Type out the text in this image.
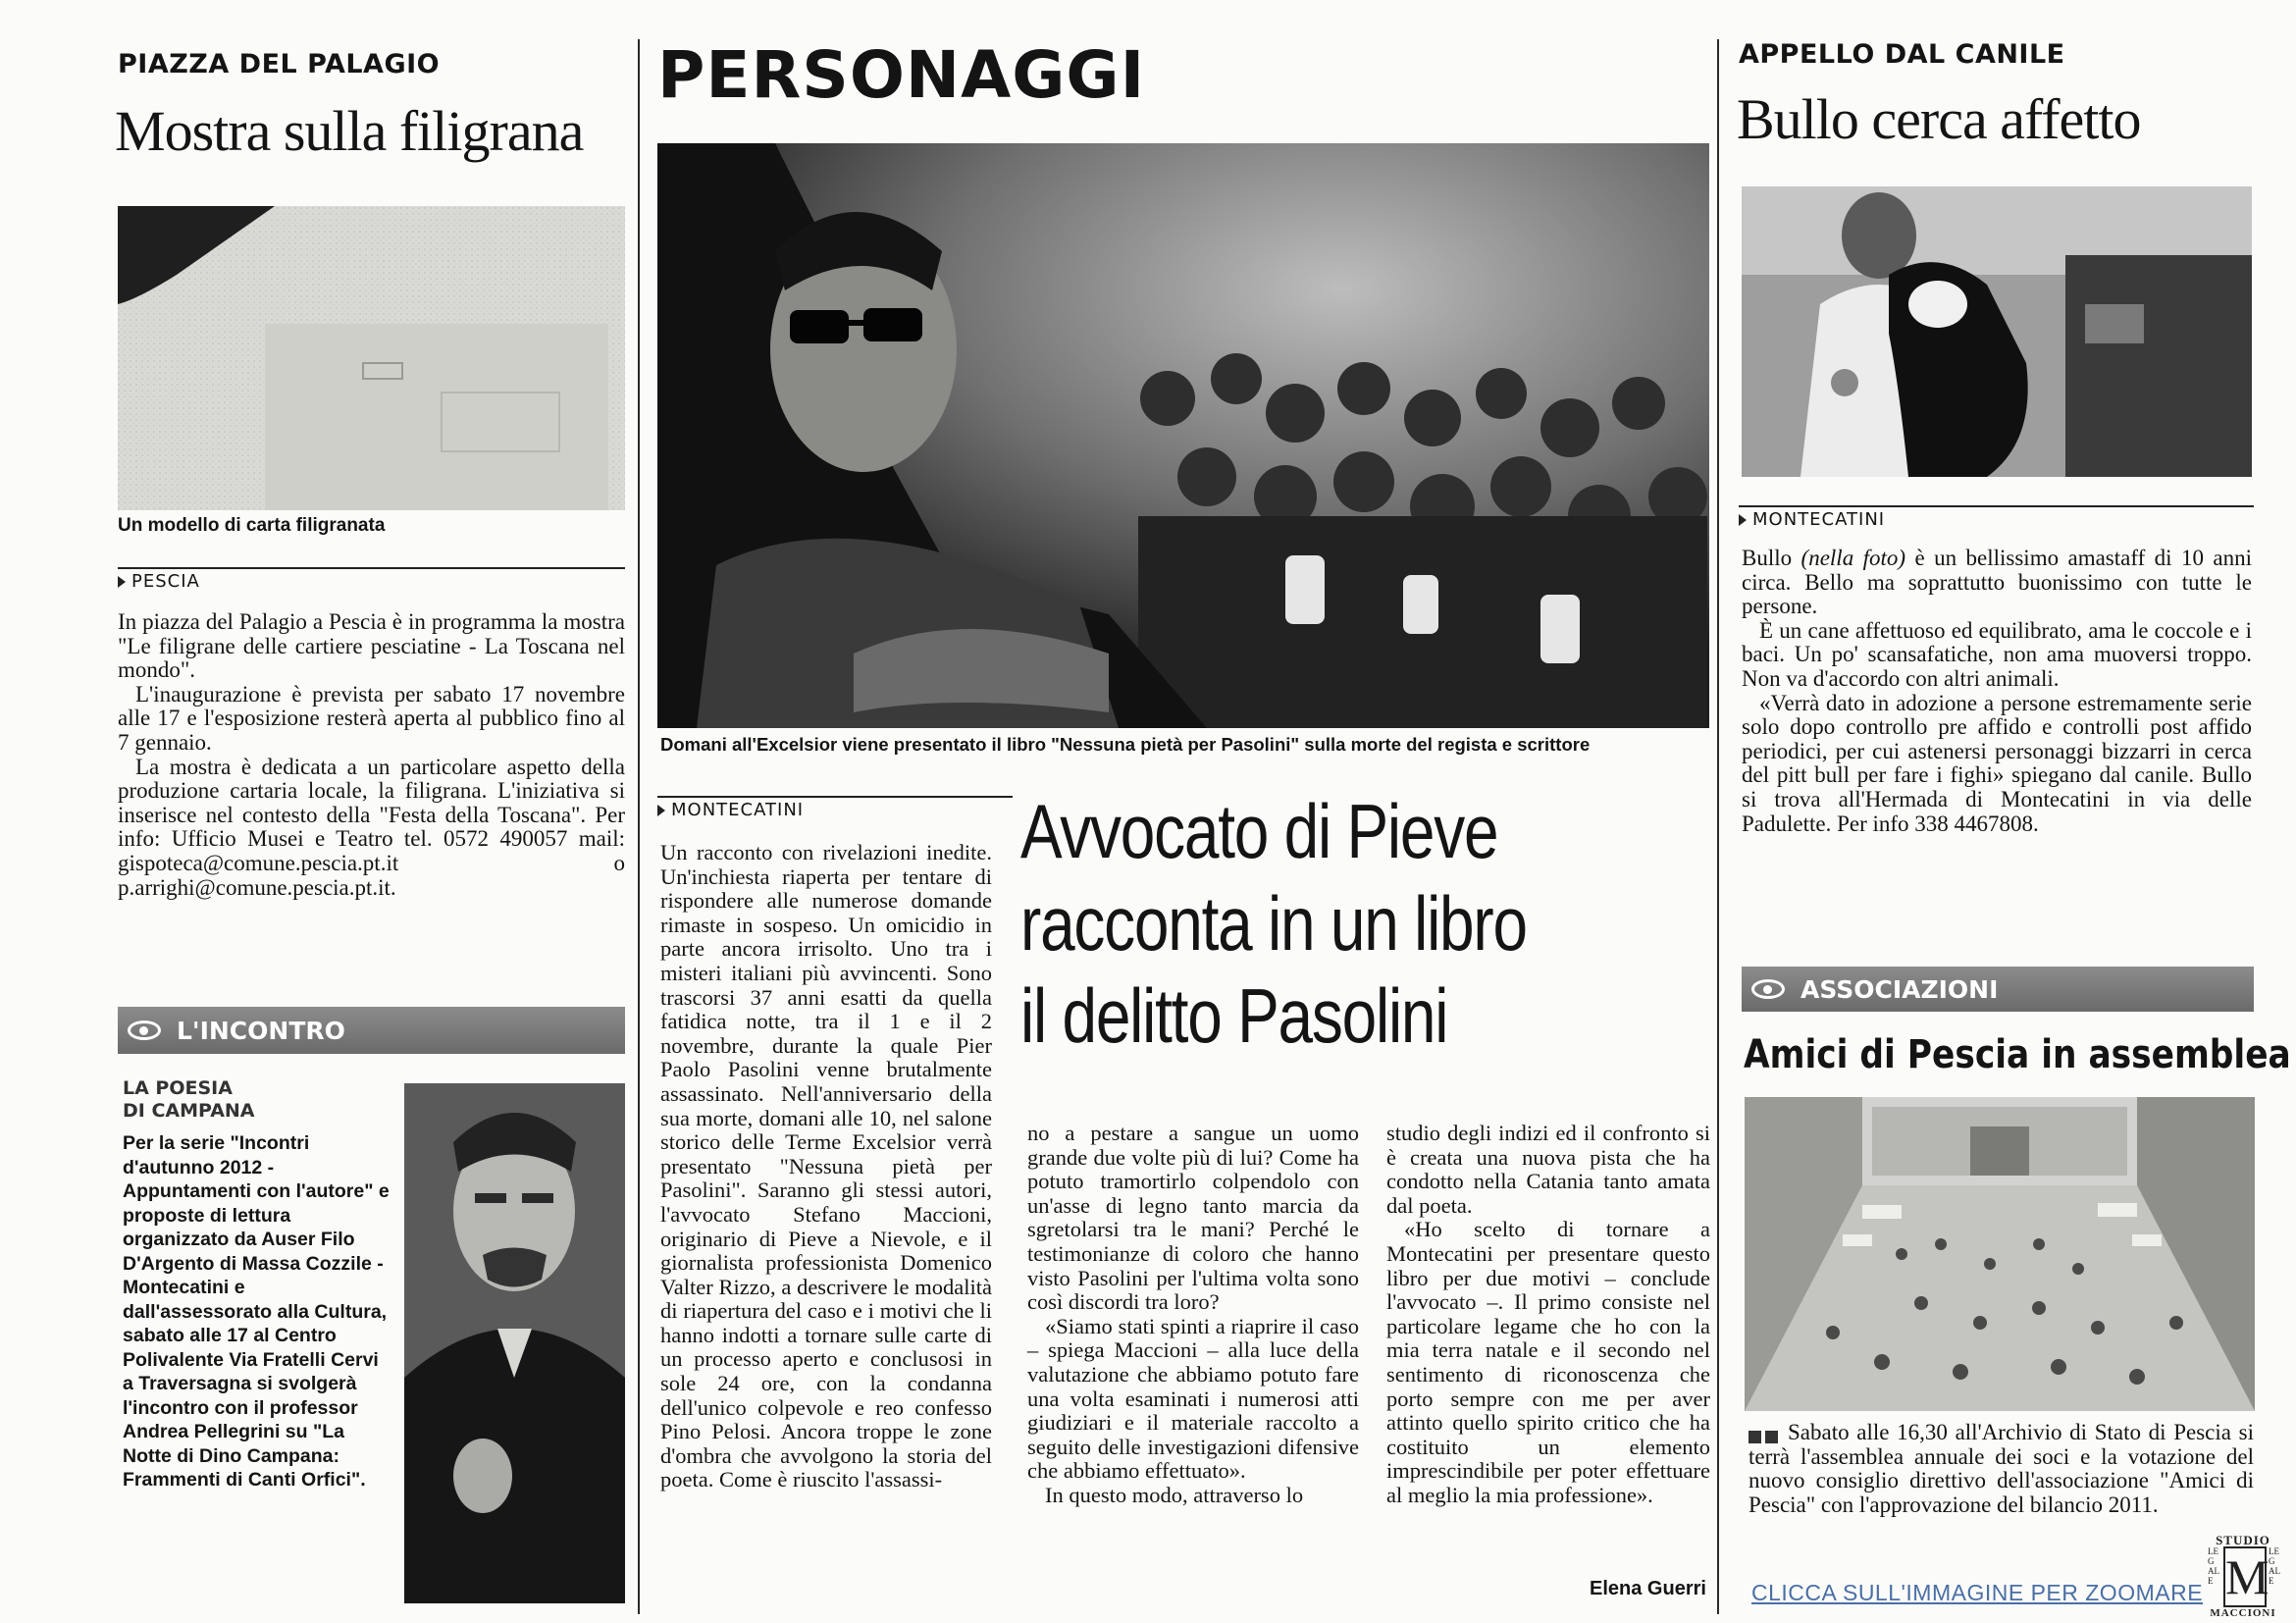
PIAZZA DEL PALAGIO
Mostra sulla filigrana
Un modello di carta filigranata
PESCIA

In piazza del Palagio a Pescia è in programma la mostra "Le filigrane delle cartiere pesciatine - La Toscana nel mondo".

L'inaugurazione è prevista per sabato 17 novembre alle 17 e l'esposizione resterà aperta al pubblico fino al 7 gennaio.

La mostra è dedicata a un particolare aspetto della produzione cartaria locale, la filigrana. L'iniziativa si inserisce nel contesto della "Festa della Toscana". Per info: Ufficio Musei e Teatro tel. 0572 490057 mail: gispoteca@comune.pescia.pt.it o p.arrighi@comune.pescia.pt.it.

L'INCONTRO
LA POESIA
DI CAMPANA
Per la serie "Incontri d'autunno 2012 - Appuntamenti con l'autore" e proposte di lettura organizzato da Auser Filo D'Argento di Massa Cozzile -Montecatini e dall'assessorato alla Cultura, sabato alle 17 al Centro Polivalente Via Fratelli Cervi a Traversagna si svolgerà l'incontro con il professor Andrea Pellegrini su "La Notte di Dino Campana: Frammenti di Canti Orfici".
PERSONAGGI
Domani all'Excelsior viene presentato il libro "Nessuna pietà per Pasolini" sulla morte del regista e scrittore
MONTECATINI	Avvocato di Pieve
racconta in un libro
il delitto Pasolini

Un racconto con rivelazioni inedite. Un'inchiesta riaperta per tentare di rispondere alle numerose domande rimaste in sospeso. Un omicidio in parte ancora irrisolto. Uno tra i misteri italiani più avvincenti. Sono trascorsi 37 anni esatti da quella fatidica notte, tra il 1 e il 2 novembre, durante la quale Pier Paolo Pasolini venne brutalmente assassinato. Nell'anniversario della sua morte, domani alle 10, nel salone storico delle Terme Excelsior verrà presentato "Nessuna pietà per Pasolini". Saranno gli stessi autori, l'avvocato Stefano Maccioni, originario di Pieve a Nievole, e il giornalista professionista Domenico Valter Rizzo, a descrivere le modalità di riapertura del caso e i motivi che li hanno indotti a tornare sulle carte di un processo aperto e conclusosi in sole 24 ore, con la condanna dell'unico colpevole e reo confesso Pino Pelosi. Ancora troppe le zone d'ombra che avvolgono la storia del poeta. Come è riuscito l'assassi-

no a pestare a sangue un uomo grande due volte più di lui? Come ha potuto tramortirlo colpendolo con un'asse di legno tanto marcia da sgretolarsi tra le mani? Perché le testimonianze di coloro che hanno visto Pasolini per l'ultima volta sono così discordi tra loro?

«Siamo stati spinti a riaprire il caso – spiega Maccioni – alla luce della valutazione che abbiamo potuto fare una volta esaminati i numerosi atti giudiziari e il materiale raccolto a seguito delle investigazioni difensive che abbiamo effettuato».

In questo modo, attraverso lo

studio degli indizi ed il confronto si è creata una nuova pista che ha condotto nella Catania tanto amata dal poeta.

«Ho scelto di tornare a Montecatini per presentare questo libro per due motivi – conclude l'avvocato –. Il primo consiste nel particolare legame che ho con la mia terra natale e il secondo nel sentimento di riconoscenza che porto sempre con me per aver attinto quello spirito critico che ha costituito un elemento imprescindibile per poter effettuare al meglio la mia professione».

Elena Guerri
APPELLO DAL CANILE
Bullo cerca affetto
MONTECATINI

Bullo (nella foto) è un bellissimo amastaff di 10 anni circa. Bello ma soprattutto buonissimo con tutte le persone.

È un cane affettuoso ed equilibrato, ama le coccole e i baci. Un po' scansafatiche, non ama muoversi troppo. Non va d'accordo con altri animali.

«Verrà dato in adozione a persone estremamente serie solo dopo controllo pre affido e controlli post affido periodici, per cui astenersi personaggi bizzarri in cerca del pitt bull per fare i fighi» spiegano dal canile. Bullo si trova all'Hermada di Montecatini in via delle Padulette. Per info 338 4467808.

ASSOCIAZIONI
Amici di Pescia in assemblea
Sabato alle 16,30 all'Archivio di Stato di Pescia si terrà l'assemblea annuale dei soci e la votazione del nuovo consiglio direttivo dell'associazione "Amici di Pescia" con l'approvazione del bilancio 2011.
CLICCA SULL'IMMAGINE PER ZOOMARE
STUDIO
M
LEGALE
LEGALE
MACCIONI
